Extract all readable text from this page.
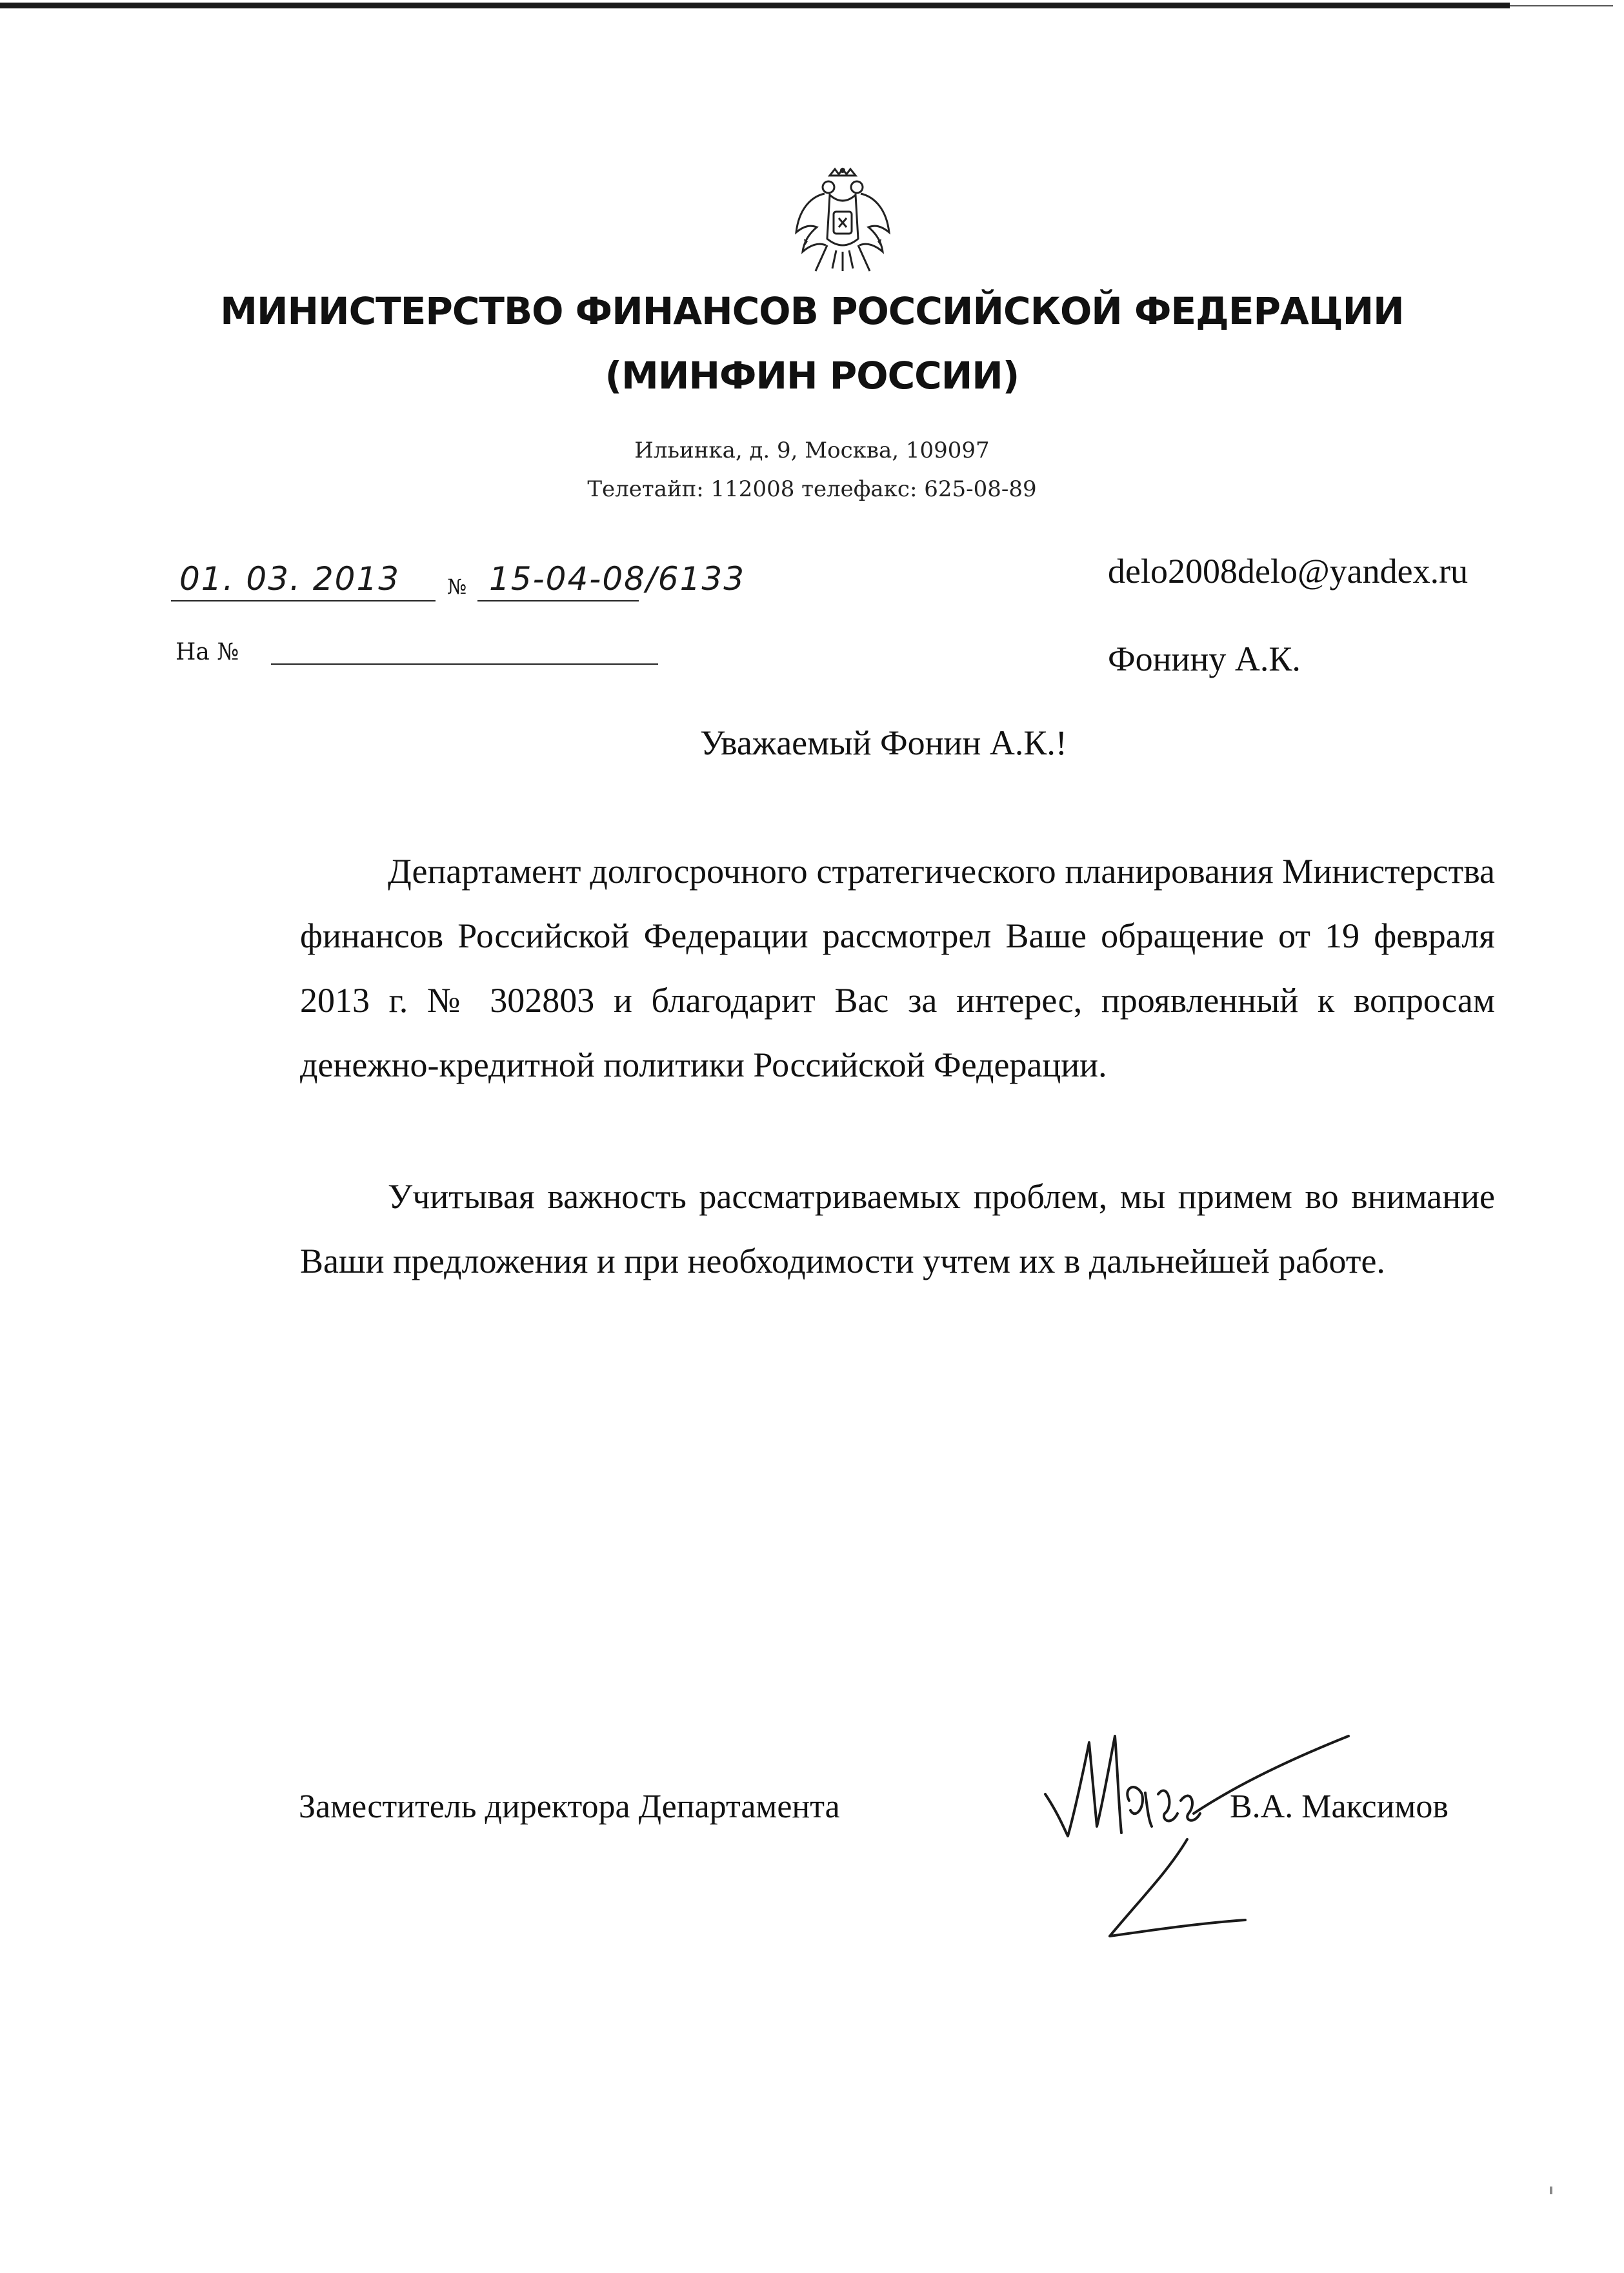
МИНИСТЕРСТВО ФИНАНСОВ РОССИЙСКОЙ ФЕДЕРАЦИИ
(МИНФИН РОССИИ)
Ильинка, д. 9, Москва, 109097
Телетайп: 112008 телефакс: 625-08-89
01. 03. 2013 № 15-04-08/6133
На №
delo2008delo@yandex.ru
Фонину А.К.
Уважаемый Фонин А.К.!
Департамент долгосрочного стратегического планирования Министерства финансов Российской Федерации рассмотрел Ваше обращение от 19 февраля 2013 г. № 302803 и благодарит Вас за интерес, проявленный к вопросам денежно-кредитной политики Российской Федерации.
Учитывая важность рассматриваемых проблем, мы примем во внимание Ваши предложения и при необходимости учтем их в дальнейшей работе.
Заместитель директора Департамента	В.А. Максимов
